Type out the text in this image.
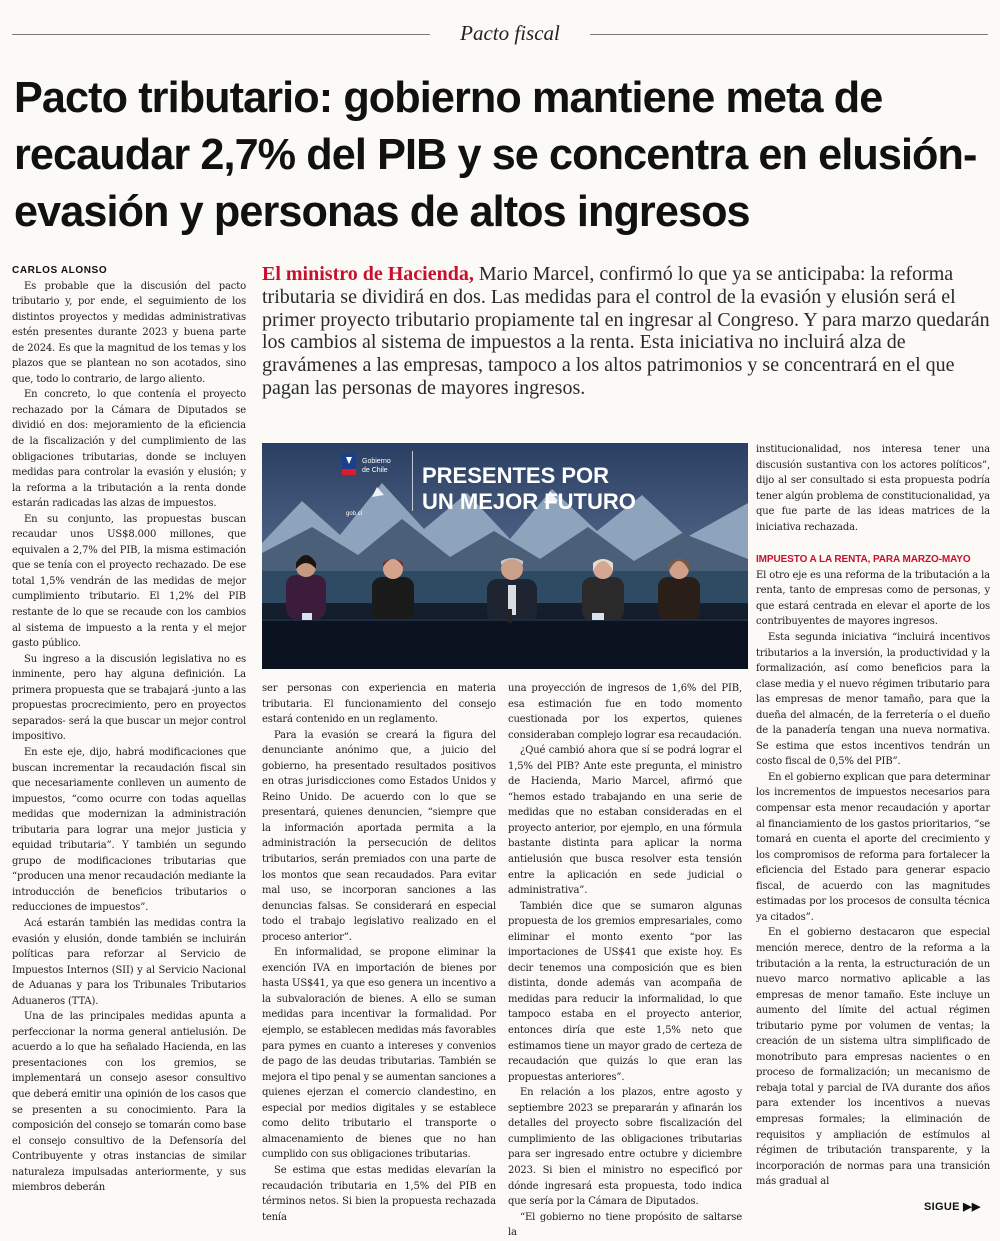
Pacto fiscal
Pacto tributario: gobierno mantiene meta de recaudar 2,7% del PIB y se concentra en elusión-evasión y personas de altos ingresos

CARLOS ALONSO

Es probable que la discusión del pacto tributario y, por ende, el seguimiento de los distintos proyectos y medidas administrativas estén presentes durante 2023 y buena parte de 2024. Es que la magnitud de los temas y los plazos que se plantean no son acotados, sino que, todo lo contrario, de largo aliento.

En concreto, lo que contenía el proyecto rechazado por la Cámara de Diputados se dividió en dos: mejoramiento de la eficiencia de la fiscalización y del cumplimiento de las obligaciones tributarias, donde se incluyen medidas para controlar la evasión y elusión; y la reforma a la tributación a la renta donde estarán radicadas las alzas de impuestos.

En su conjunto, las propuestas buscan recaudar unos US$8.000 millones, que equivalen a 2,7% del PIB, la misma estimación que se tenía con el proyecto rechazado. De ese total 1,5% vendrán de las medidas de mejor cumplimiento tributario. El 1,2% del PIB restante de lo que se recaude con los cambios al sistema de impuesto a la renta y el mejor gasto público.

Su ingreso a la discusión legislativa no es inminente, pero hay alguna definición. La primera propuesta que se trabajará -junto a las propuestas procrecimiento, pero en proyectos separados- será la que buscar un mejor control impositivo.

En este eje, dijo, habrá modificaciones que buscan incrementar la recaudación fiscal sin que necesariamente conlleven un aumento de impuestos, “como ocurre con todas aquellas medidas que modernizan la administración tributaria para lograr una mejor justicia y equidad tributaria”. Y también un segundo grupo de modificaciones tributarias que “producen una menor recaudación mediante la introducción de beneficios tributarios o reducciones de impuestos”.

Acá estarán también las medidas contra la evasión y elusión, donde también se incluirán políticas para reforzar al Servicio de Impuestos Internos (SII) y al Servicio Nacional de Aduanas y para los Tribunales Tributarios Aduaneros (TTA).

Una de las principales medidas apunta a perfeccionar la norma general antielusión. De acuerdo a lo que ha señalado Hacienda, en las presentaciones con los gremios, se implementará un consejo asesor consultivo que deberá emitir una opinión de los casos que se presenten a su conocimiento. Para la composición del consejo se tomarán como base el consejo consultivo de la Defensoría del Contribuyente y otras instancias de similar naturaleza impulsadas anteriormente, y sus miembros deberán

El ministro de Hacienda, Mario Marcel, confirmó lo que ya se anticipaba: la reforma tributaria se dividirá en dos. Las medidas para el control de la evasión y elusión será el primer proyecto tributario propiamente tal en ingresar al Congreso. Y para marzo quedarán los cambios al sistema de impuestos a la renta. Esta iniciativa no incluirá alza de gravámenes a las empresas, tampoco a los altos patrimonios y se concentrará en el que pagan las personas de mayores ingresos.

Gobierno
de Chile PRESENTES POR
UN MEJOR FUTURO
gob.cl

ser personas con experiencia en materia tributaria. El funcionamiento del consejo estará contenido en un reglamento.

Para la evasión se creará la figura del denunciante anónimo que, a juicio del gobierno, ha presentado resultados positivos en otras jurisdicciones como Estados Unidos y Reino Unido. De acuerdo con lo que se presentará, quienes denuncien, “siempre que la información aportada permita a la administración la persecución de delitos tributarios, serán premiados con una parte de los montos que sean recaudados. Para evitar mal uso, se incorporan sanciones a las denuncias falsas. Se considerará en especial todo el trabajo legislativo realizado en el proceso anterior”.

En informalidad, se propone eliminar la exención IVA en importación de bienes por hasta US$41, ya que eso genera un incentivo a la subvaloración de bienes. A ello se suman medidas para incentivar la formalidad. Por ejemplo, se establecen medidas más favorables para pymes en cuanto a intereses y convenios de pago de las deudas tributarias. También se mejora el tipo penal y se aumentan sanciones a quienes ejerzan el comercio clandestino, en especial por medios digitales y se establece como delito tributario el transporte o almacenamiento de bienes que no han cumplido con sus obligaciones tributarias.

Se estima que estas medidas elevarían la recaudación tributaria en 1,5% del PIB en términos netos. Si bien la propuesta rechazada tenía

una proyección de ingresos de 1,6% del PIB, esa estimación fue en todo momento cuestionada por los expertos, quienes consideraban complejo lograr esa recaudación.

¿Qué cambió ahora que sí se podrá lograr el 1,5% del PIB? Ante este pregunta, el ministro de Hacienda, Mario Marcel, afirmó que “hemos estado trabajando en una serie de medidas que no estaban consideradas en el proyecto anterior, por ejemplo, en una fórmula bastante distinta para aplicar la norma antielusión que busca resolver esta tensión entre la aplicación en sede judicial o administrativa”.

También dice que se sumaron algunas propuesta de los gremios empresariales, como eliminar el monto exento “por las importaciones de US$41 que existe hoy. Es decir tenemos una composición que es bien distinta, donde además van acompaña de medidas para reducir la informalidad, lo que tampoco estaba en el proyecto anterior, entonces diría que este 1,5% neto que estimamos tiene un mayor grado de certeza de recaudación que quizás lo que eran las propuestas anteriores”.

En relación a los plazos, entre agosto y septiembre 2023 se prepararán y afinarán los detalles del proyecto sobre fiscalización del cumplimiento de las obligaciones tributarias para ser ingresado entre octubre y diciembre 2023. Si bien el ministro no especificó por dónde ingresará esta propuesta, todo indica que sería por la Cámara de Diputados.

“El gobierno no tiene propósito de saltarse la

institucionalidad, nos interesa tener una discusión sustantiva con los actores políticos”, dijo al ser consultado si esta propuesta podría tener algún problema de constitucionalidad, ya que fue parte de las ideas matrices de la iniciativa rechazada.

IMPUESTO A LA RENTA, PARA MARZO-MAYO

El otro eje es una reforma de la tributación a la renta, tanto de empresas como de personas, y que estará centrada en elevar el aporte de los contribuyentes de mayores ingresos.

Esta segunda iniciativa “incluirá incentivos tributarios a la inversión, la productividad y la formalización, así como beneficios para la clase media y el nuevo régimen tributario para las empresas de menor tamaño, para que la dueña del almacén, de la ferretería o el dueño de la panadería tengan una nueva normativa. Se estima que estos incentivos tendrán un costo fiscal de 0,5% del PIB”.

En el gobierno explican que para determinar los incrementos de impuestos necesarios para compensar esta menor recaudación y aportar al financiamiento de los gastos prioritarios, “se tomará en cuenta el aporte del crecimiento y los compromisos de reforma para fortalecer la eficiencia del Estado para generar espacio fiscal, de acuerdo con las magnitudes estimadas por los procesos de consulta técnica ya citados”.

En el gobierno destacaron que especial mención merece, dentro de la reforma a la tributación a la renta, la estructuración de un nuevo marco normativo aplicable a las empresas de menor tamaño. Este incluye un aumento del límite del actual régimen tributario pyme por volumen de ventas; la creación de un sistema ultra simplificado de monotributo para empresas nacientes o en proceso de formalización; un mecanismo de rebaja total y parcial de IVA durante dos años para extender los incentivos a nuevas empresas formales; la eliminación de requisitos y ampliación de estímulos al régimen de tributación transparente, y la incorporación de normas para una transición más gradual al

SIGUE ▶▶
